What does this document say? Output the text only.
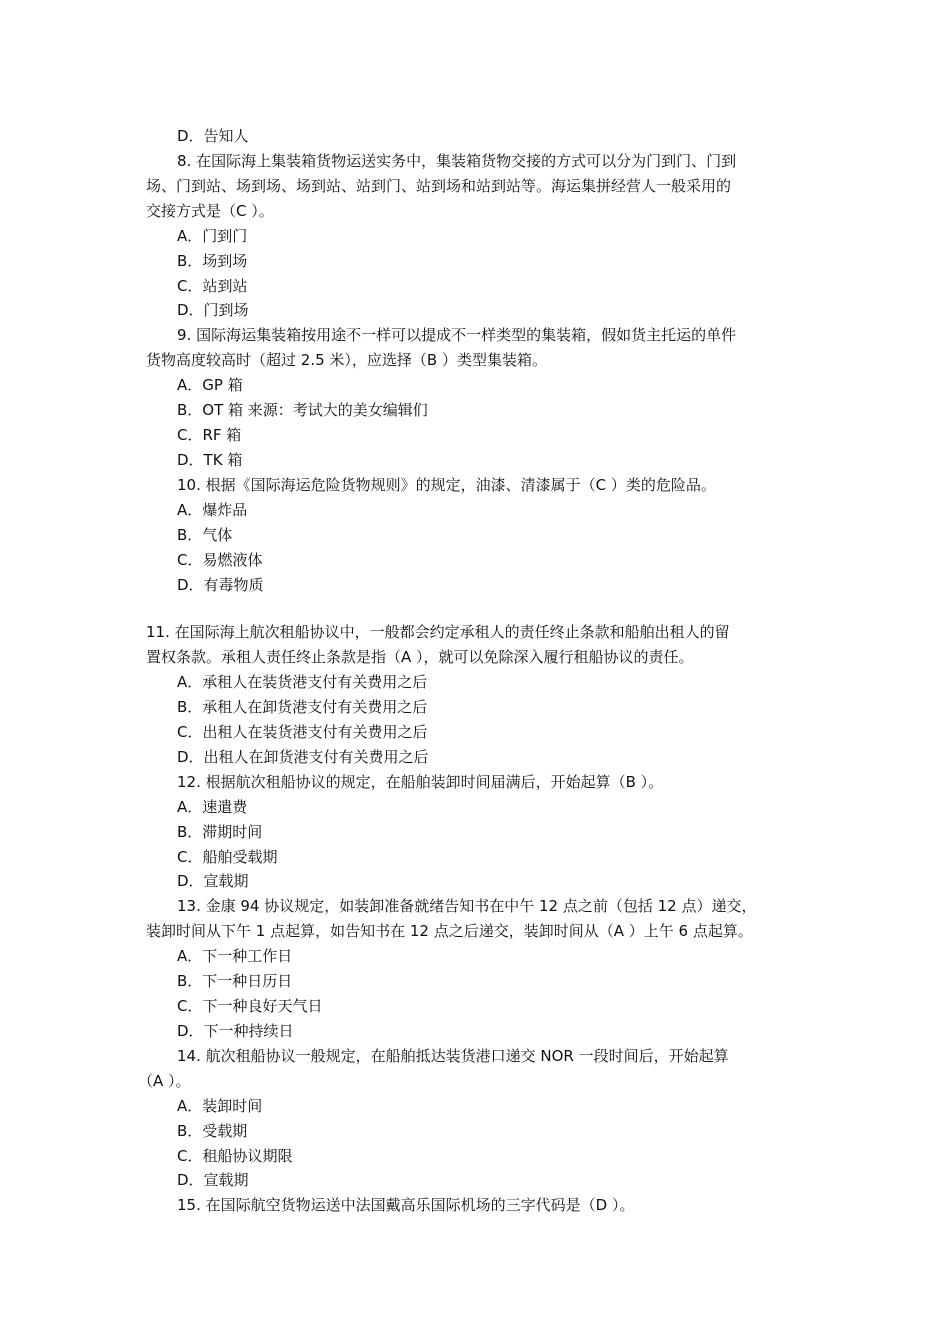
D．告知人
8. 在国际海上集装箱货物运送实务中，集装箱货物交接的方式可以分为门到门、门到
场、门到站、场到场、场到站、站到门、站到场和站到站等。海运集拼经营人一般采用的
交接方式是（C ）。
A．门到门
B．场到场
C．站到站
D．门到场
9. 国际海运集装箱按用途不一样可以提成不一样类型的集装箱，假如货主托运的单件
货物高度较高时（超过 2.5 米），应选择（B ）类型集装箱。
A．GP 箱
B．OT 箱 来源：考试大的美女编辑们
C．RF 箱
D．TK 箱
10. 根据《国际海运危险货物规则》的规定，油漆、清漆属于（C ）类的危险品。
A．爆炸品
B．气体
C．易燃液体
D．有毒物质
11. 在国际海上航次租船协议中，一般都会约定承租人的责任终止条款和船舶出租人的留
置权条款。承租人责任终止条款是指（A ），就可以免除深入履行租船协议的责任。
A．承租人在装货港支付有关费用之后
B．承租人在卸货港支付有关费用之后
C．出租人在装货港支付有关费用之后
D．出租人在卸货港支付有关费用之后
12. 根据航次租船协议的规定，在船舶装卸时间届满后，开始起算（B ）。
A．速遣费
B．滞期时间
C．船舶受载期
D．宣载期
13. 金康 94 协议规定，如装卸准备就绪告知书在中午 12 点之前（包括 12 点）递交，
装卸时间从下午 1 点起算，如告知书在 12 点之后递交，装卸时间从（A ）上午 6 点起算。
A．下一种工作日
B．下一种日历日
C．下一种良好天气日
D．下一种持续日
14. 航次租船协议一般规定，在船舶抵达装货港口递交 NOR 一段时间后，开始起算
（A ）。
A．装卸时间
B．受载期
C．租船协议期限
D．宣载期
15. 在国际航空货物运送中法国戴高乐国际机场的三字代码是（D ）。
